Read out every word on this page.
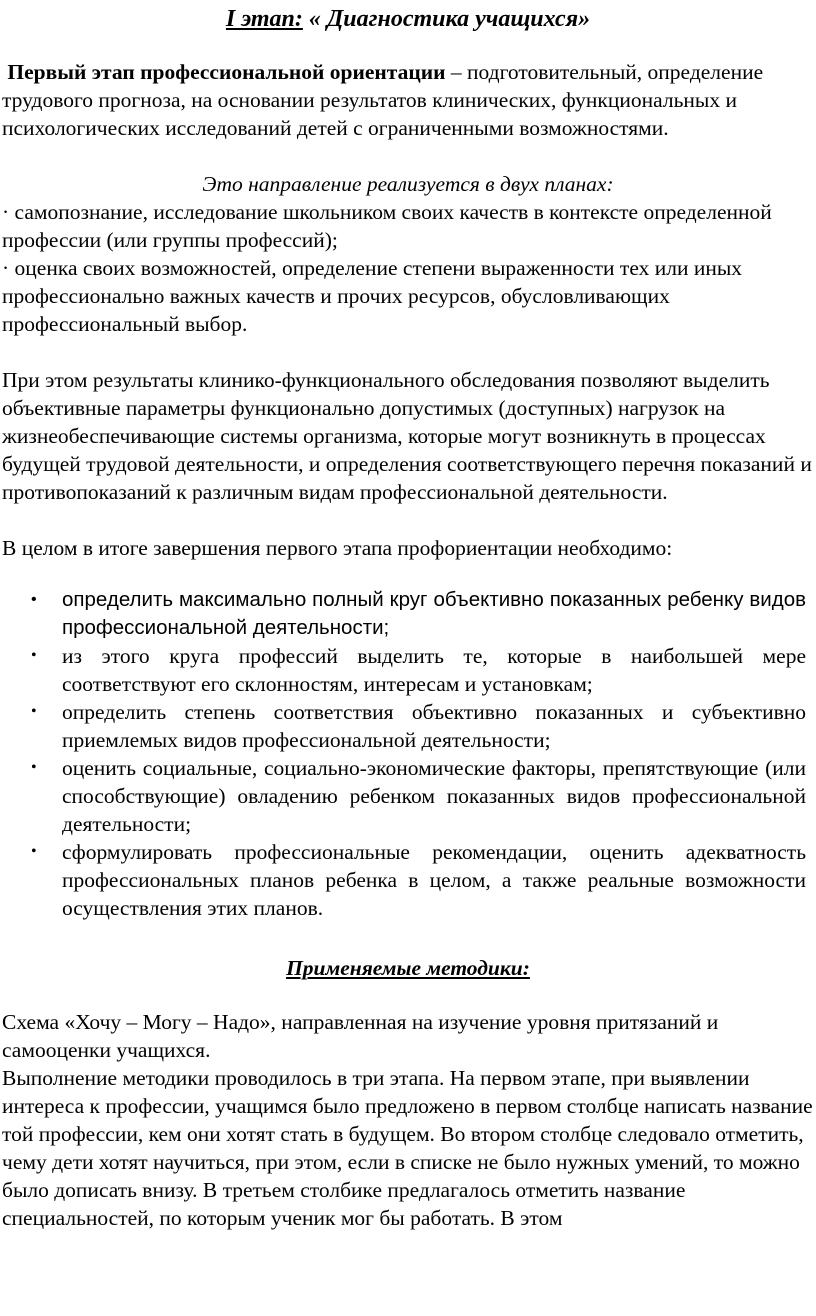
I этап: « Диагностика учащихся»

Первый этап профессиональной ориентации – подготовительный, определение трудового прогноза, на основании результатов клинических, функциональных и психологических исследований детей с ограниченными возможностями.

Это направление реализуется в двух планах:

· самопознание, исследование школьником своих качеств в контексте определенной профессии (или группы профессий);

· оценка своих возможностей, определение степени выраженности тех или иных профессионально важных качеств и прочих ресурсов, обусловливающих профессиональный выбор.

При этом результаты клинико-функционального обследования позволяют выделить объективные параметры функционально допустимых (доступных) нагрузок на жизнеобеспечивающие системы организма, которые могут возникнуть в процессах будущей трудовой деятельности, и определения соответствующего перечня показаний и противопоказаний к различным видам профессиональной деятельности.

В целом в итоге завершения первого этапа профориентации необходимо:

• определить максимально полный круг объективно показанных ребенку видов профессиональной деятельности;
• из этого круга профессий выделить те, которые в наибольшей мере соответствуют его склонностям, интересам и установкам;
• определить степень соответствия объективно показанных и субъективно приемлемых видов профессиональной деятельности;
• оценить социальные, социально-экономические факторы, препятствующие (или способствующие) овладению ребенком показанных видов профессиональной деятельности;
• сформулировать профессиональные рекомендации, оценить адекватность профессиональных планов ребенка в целом, а также реальные возможности осуществления этих планов.

Применяемые методики:

Схема «Хочу – Могу – Надо», направленная на изучение уровня притязаний и самооценки учащихся.

Выполнение методики проводилось в три этапа. На первом этапе, при выявлении интереса к профессии, учащимся было предложено в первом столбце написать название той профессии, кем они хотят стать в будущем. Во втором столбце следовало отметить, чему дети хотят научиться, при этом, если в списке не было нужных умений, то можно было дописать внизу. В третьем столбике предлагалось отметить название специальностей, по которым ученик мог бы работать. В этом
